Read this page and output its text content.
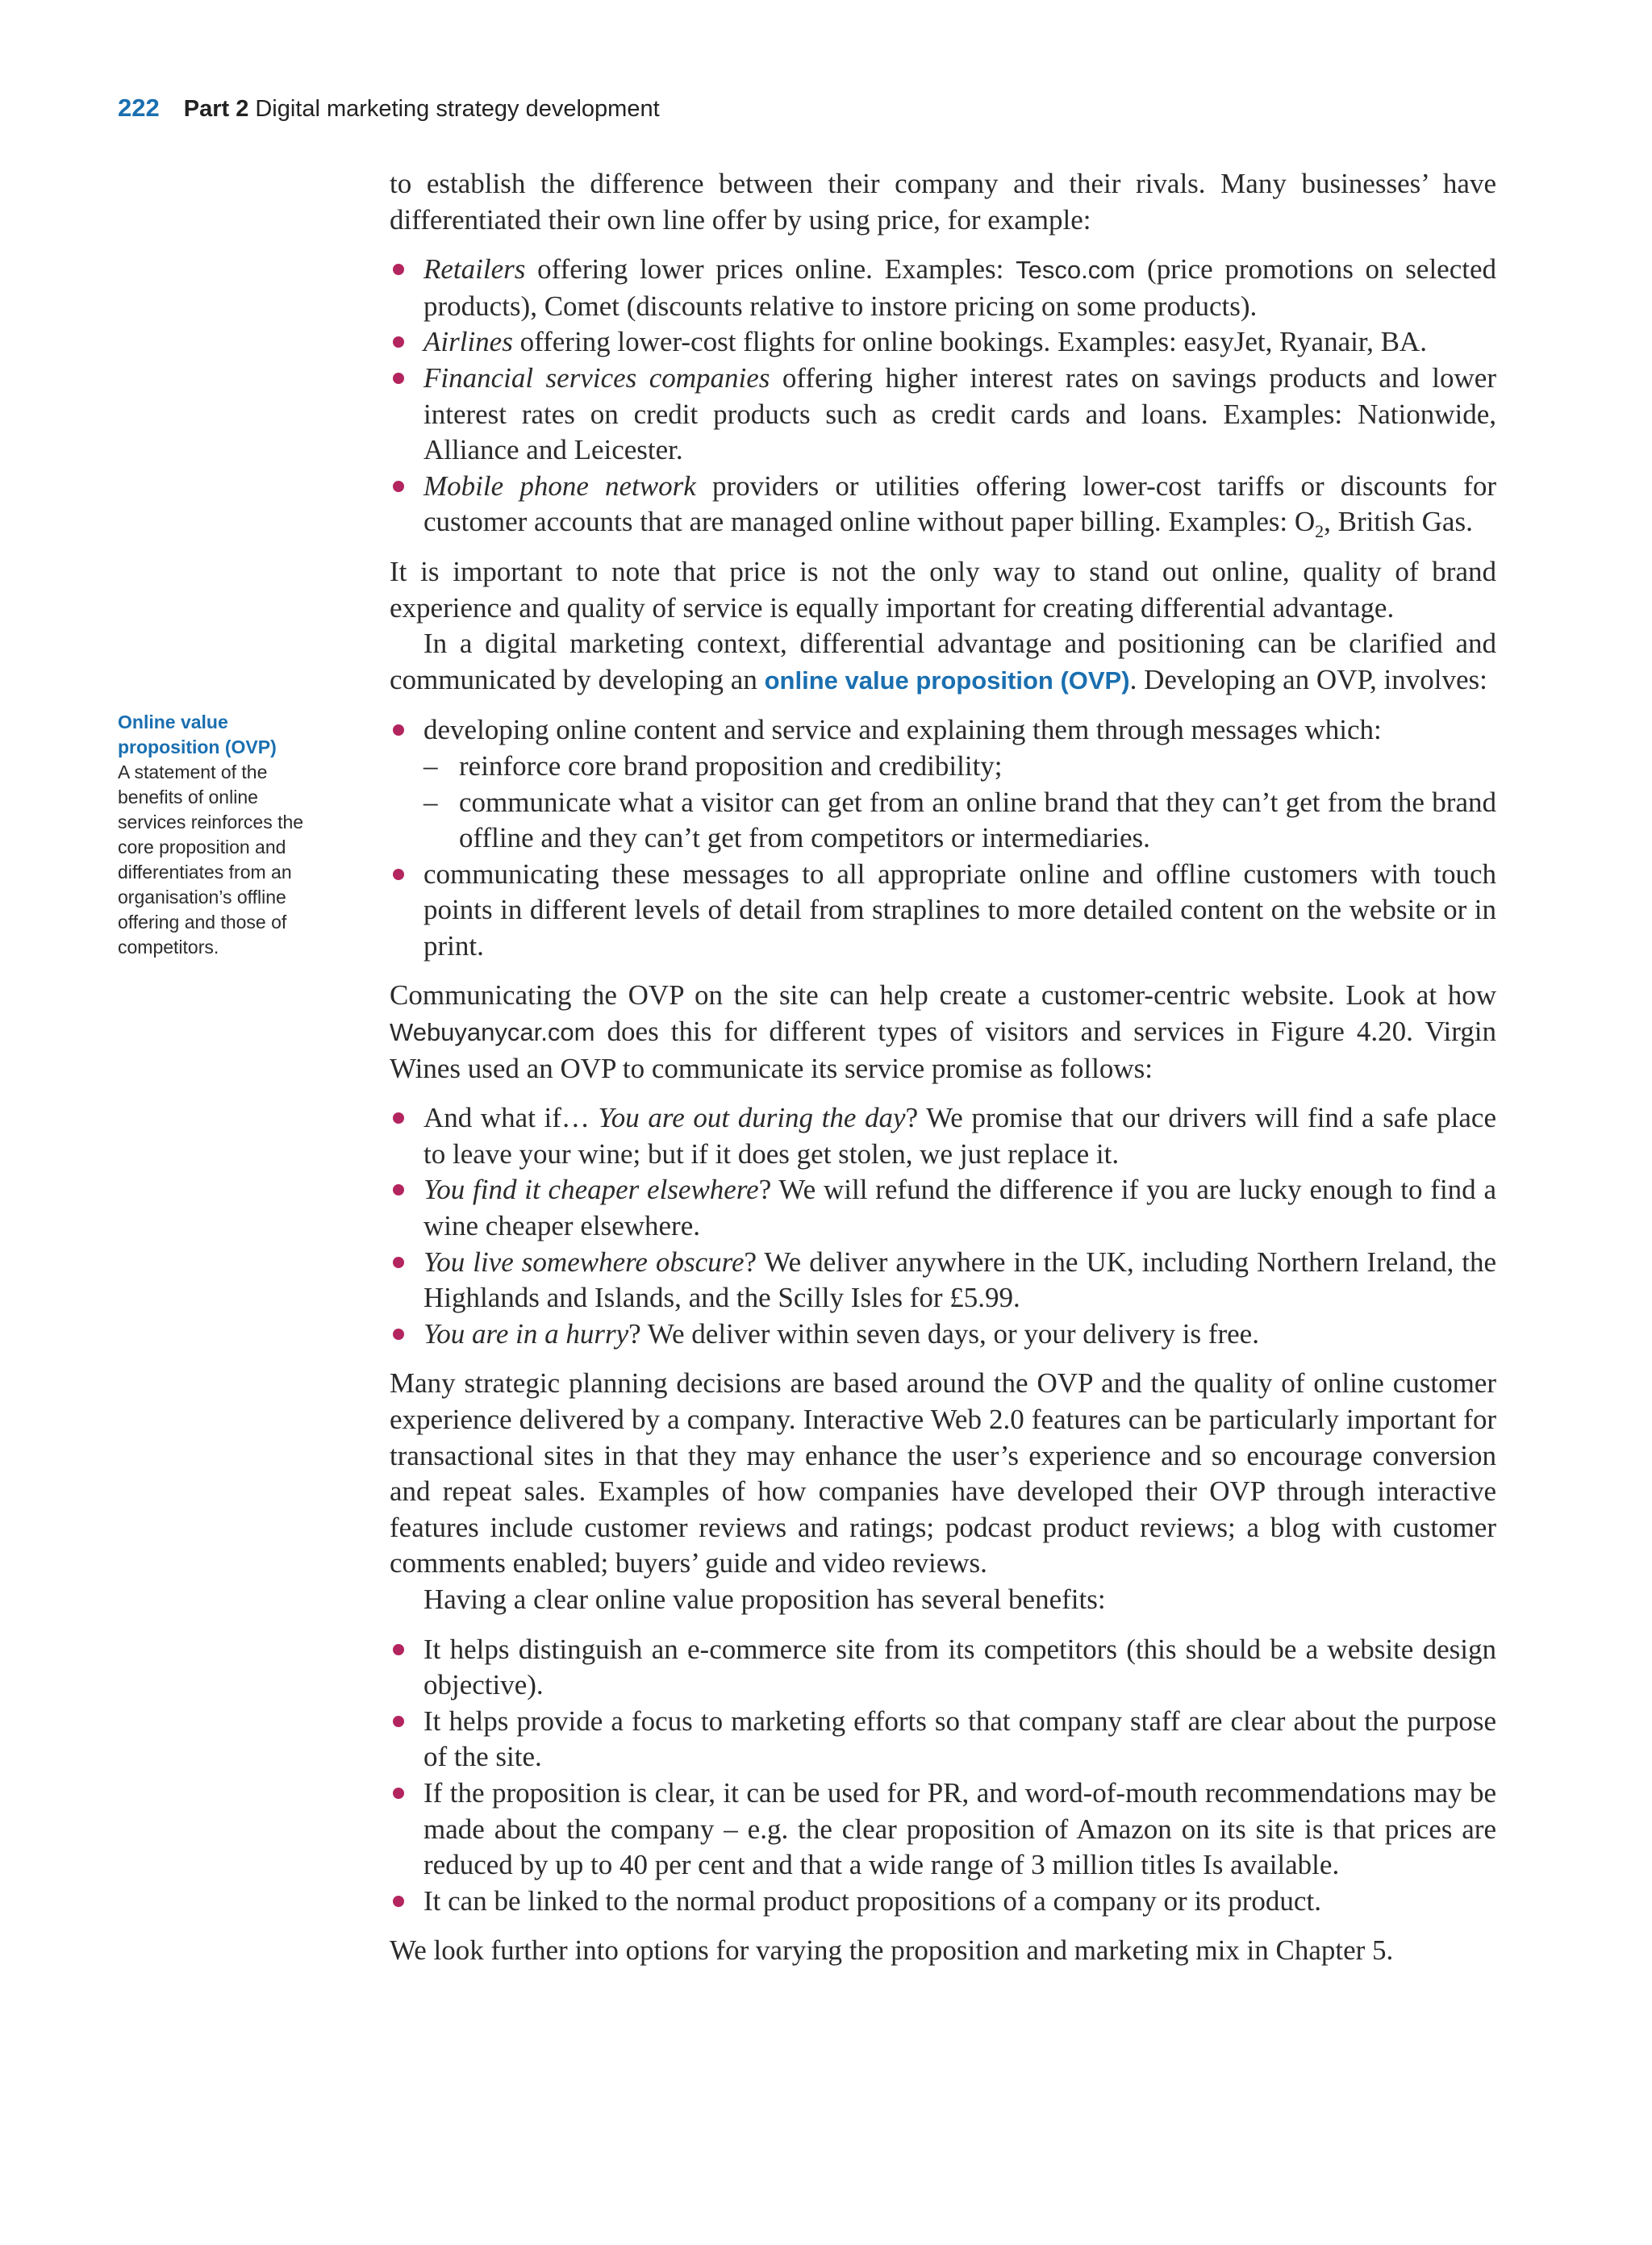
222 Part 2 Digital marketing strategy development
Online value proposition (OVP)
A statement of the benefits of online services reinforces the core proposition and differentiates from an organisation’s offline offering and those of competitors.

to establish the difference between their company and their rivals. Many businesses’ have differentiated their own line offer by using price, for example:

Retailers offering lower prices online. Examples: Tesco.com (price promotions on selected products), Comet (discounts relative to instore pricing on some products).
Airlines offering lower-cost flights for online bookings. Examples: easyJet, Ryanair, BA.
Financial services companies offering higher interest rates on savings products and lower interest rates on credit products such as credit cards and loans. Examples: Nationwide, Alliance and Leicester.
Mobile phone network providers or utilities offering lower-cost tariffs or discounts for customer accounts that are managed online without paper billing. Examples: $O_2$, British Gas.

It is important to note that price is not the only way to stand out online, quality of brand experience and quality of service is equally important for creating differential advantage.

In a digital marketing context, differential advantage and positioning can be clarified and communicated by developing an online value proposition (OVP). Developing an OVP, involves:

developing online content and service and explaining them through messages which:
– reinforce core brand proposition and credibility;
– communicate what a visitor can get from an online brand that they can’t get from the brand offline and they can’t get from competitors or intermediaries.
communicating these messages to all appropriate online and offline customers with touch points in different levels of detail from straplines to more detailed content on the website or in print.

Communicating the OVP on the site can help create a customer-centric website. Look at how Webuyanycar.com does this for different types of visitors and services in Figure 4.20. Virgin Wines used an OVP to communicate its service promise as follows:

And what if… You are out during the day? We promise that our drivers will find a safe place to leave your wine; but if it does get stolen, we just replace it.
You find it cheaper elsewhere? We will refund the difference if you are lucky enough to find a wine cheaper elsewhere.
You live somewhere obscure? We deliver anywhere in the UK, including Northern Ireland, the Highlands and Islands, and the Scilly Isles for £5.99.
You are in a hurry? We deliver within seven days, or your delivery is free.

Many strategic planning decisions are based around the OVP and the quality of online customer experience delivered by a company. Interactive Web 2.0 features can be particularly important for transactional sites in that they may enhance the user’s experience and so encourage conversion and repeat sales. Examples of how companies have developed their OVP through interactive features include customer reviews and ratings; podcast product reviews; a blog with customer comments enabled; buyers’ guide and video reviews.

Having a clear online value proposition has several benefits:

It helps distinguish an e-commerce site from its competitors (this should be a website design objective).
It helps provide a focus to marketing efforts so that company staff are clear about the purpose of the site.
If the proposition is clear, it can be used for PR, and word-of-mouth recommendations may be made about the company – e.g. the clear proposition of Amazon on its site is that prices are reduced by up to 40 per cent and that a wide range of 3 million titles Is available.
It can be linked to the normal product propositions of a company or its product.

We look further into options for varying the proposition and marketing mix in Chapter 5.
